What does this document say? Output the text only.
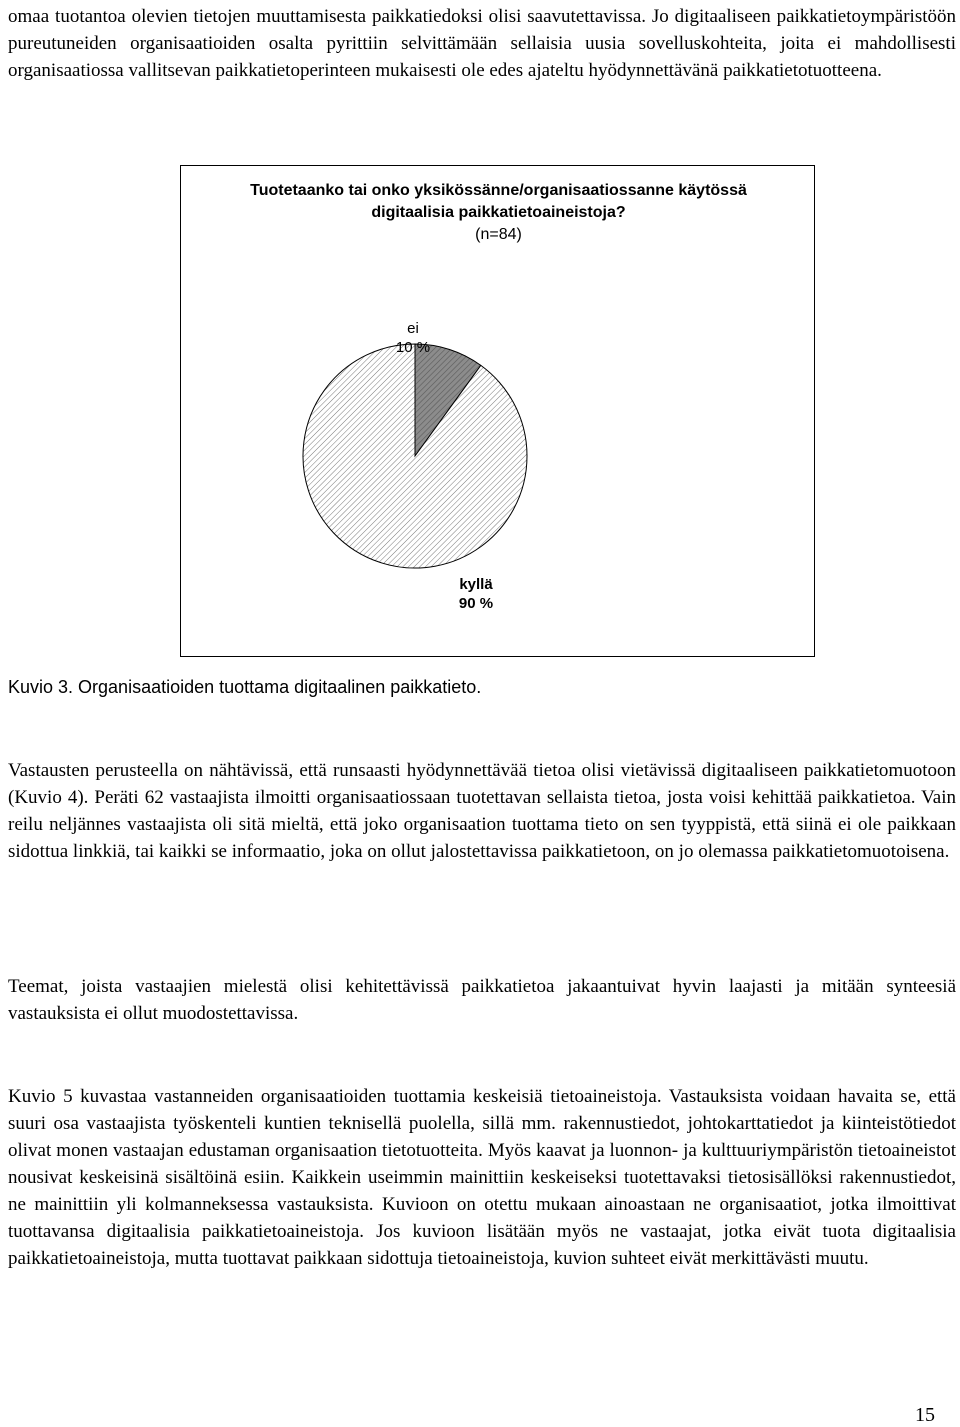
omaa tuotantoa olevien tietojen muuttamisesta paikkatiedoksi olisi saavutettavissa. Jo digitaaliseen paikkatietoympäristöön pureutuneiden organisaatioiden osalta pyrittiin selvittämään sellaisia uusia sovelluskohteita, joita ei mahdollisesti organisaatiossa vallitsevan paikkatietoperinteen mukaisesti ole edes ajateltu hyödynnettävänä paikkatietotuotteena.

Tuotetaanko tai onko yksikössänne/organisaatiossanne käytössä
digitaalisia paikkatietoaineistoja?
(n=84)

ei
10 %
kyllä
90 %

Kuvio 3. Organisaatioiden tuottama digitaalinen paikkatieto.

Vastausten perusteella on nähtävissä, että runsaasti hyödynnettävää tietoa olisi vietävissä digitaaliseen paikkatietomuotoon (Kuvio 4). Peräti 62 vastaajista ilmoitti organisaatiossaan tuotettavan sellaista tietoa, josta voisi kehittää paikkatietoa. Vain reilu neljännes vastaajista oli sitä mieltä, että joko organisaation tuottama tieto on sen tyyppistä, että siinä ei ole paikkaan sidottua linkkiä, tai kaikki se informaatio, joka on ollut jalostettavissa paikkatietoon, on jo olemassa paikkatietomuotoisena.

Teemat, joista vastaajien mielestä olisi kehitettävissä paikkatietoa jakaantuivat hyvin laajasti ja mitään synteesiä vastauksista ei ollut muodostettavissa.

Kuvio 5 kuvastaa vastanneiden organisaatioiden tuottamia keskeisiä tietoaineistoja. Vastauksista voidaan havaita se, että suuri osa vastaajista työskenteli kuntien teknisellä puolella, sillä mm. rakennustiedot, johtokarttatiedot ja kiinteistötiedot olivat monen vastaajan edustaman organisaation tietotuotteita. Myös kaavat ja luonnon- ja kulttuuriympäristön tietoaineistot nousivat keskeisinä sisältöinä esiin. Kaikkein useimmin mainittiin keskeiseksi tuotettavaksi tietosisällöksi rakennustiedot, ne mainittiin yli kolmanneksessa vastauksista. Kuvioon on otettu mukaan ainoastaan ne organisaatiot, jotka ilmoittivat tuottavansa digitaalisia paikkatietoaineistoja. Jos kuvioon lisätään myös ne vastaajat, jotka eivät tuota digitaalisia paikkatietoaineistoja, mutta tuottavat paikkaan sidottuja tietoaineistoja, kuvion suhteet eivät merkittävästi muutu.

15
